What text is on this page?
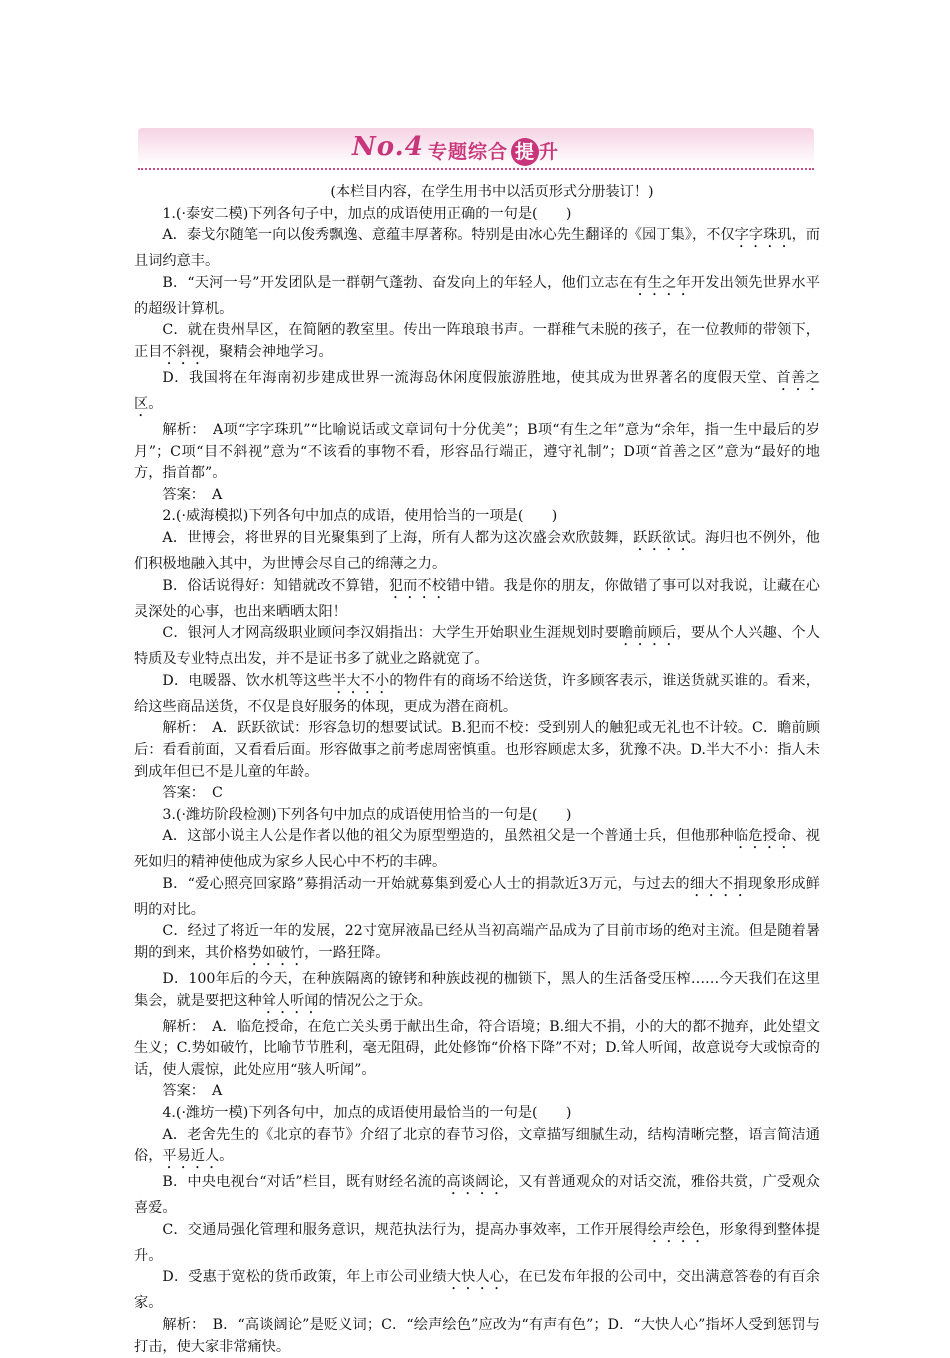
No.4 专题综合 提 升

(本栏目内容，在学生用书中以活页形式分册装订！)

1.(·泰安二模)下列各句子中，加点的成语使用正确的一句是(　　)

A．泰戈尔随笔一向以俊秀飘逸、意蕴丰厚著称。特别是由冰心先生翻译的《园丁集》，不仅字字珠玑，而且词约意丰。

B．“天河一号”开发团队是一群朝气蓬勃、奋发向上的年轻人，他们立志在有生之年开发出领先世界水平的超级计算机。

C．就在贵州旱区，在简陋的教室里。传出一阵琅琅书声。一群稚气未脱的孩子，在一位教师的带领下，正目不斜视，聚精会神地学习。

D．我国将在年海南初步建成世界一流海岛休闲度假旅游胜地，使其成为世界著名的度假天堂、首善之区。

解析：　A项“字字珠玑”“比喻说话或文章词句十分优美”；B项“有生之年”意为“余年，指一生中最后的岁月”；C项“目不斜视”意为“不该看的事物不看，形容品行端正，遵守礼制”；D项“首善之区”意为“最好的地方，指首都”。

答案：　A

2.(·威海模拟)下列各句中加点的成语，使用恰当的一项是(　　)

A．世博会，将世界的目光聚集到了上海，所有人都为这次盛会欢欣鼓舞，跃跃欲试。海归也不例外，他们积极地融入其中，为世博会尽自己的绵薄之力。

B．俗话说得好：知错就改不算错，犯而不校错中错。我是你的朋友，你做错了事可以对我说，让藏在心灵深处的心事，也出来晒晒太阳！

C．银河人才网高级职业顾问李汉娟指出：大学生开始职业生涯规划时要瞻前顾后，要从个人兴趣、个人特质及专业特点出发，并不是证书多了就业之路就宽了。

D．电暖器、饮水机等这些半大不小的物件有的商场不给送货，许多顾客表示，谁送货就买谁的。看来，给这些商品送货，不仅是良好服务的体现，更成为潜在商机。

解析：　A．跃跃欲试：形容急切的想要试试。B.犯而不校：受到别人的触犯或无礼也不计较。C．瞻前顾后：看看前面，又看看后面。形容做事之前考虑周密慎重。也形容顾虑太多，犹豫不决。D.半大不小：指人未到成年但已不是儿童的年龄。

答案：　C

3.(·潍坊阶段检测)下列各句中加点的成语使用恰当的一句是(　　)

A．这部小说主人公是作者以他的祖父为原型塑造的，虽然祖父是一个普通士兵，但他那种临危授命、视死如归的精神使他成为家乡人民心中不朽的丰碑。

B．“爱心照亮回家路”募捐活动一开始就募集到爱心人士的捐款近3万元，与过去的细大不捐现象形成鲜明的对比。

C．经过了将近一年的发展，22寸宽屏液晶已经从当初高端产品成为了目前市场的绝对主流。但是随着暑期的到来，其价格势如破竹，一路狂降。

D．100年后的今天，在种族隔离的镣铐和种族歧视的枷锁下，黑人的生活备受压榨……今天我们在这里集会，就是要把这种耸人听闻的情况公之于众。

解析：　A．临危授命，在危亡关头勇于献出生命，符合语境；B.细大不捐，小的大的都不抛弃，此处望文生义；C.势如破竹，比喻节节胜利，毫无阻碍，此处修饰“价格下降”不对；D.耸人听闻，故意说夸大或惊奇的话，使人震惊，此处应用“骇人听闻”。

答案：　A

4.(·潍坊一模)下列各句中，加点的成语使用最恰当的一句是(　　)

A．老舍先生的《北京的春节》介绍了北京的春节习俗，文章描写细腻生动，结构清晰完整，语言简洁通俗，平易近人。

B．中央电视台“对话”栏目，既有财经名流的高谈阔论，又有普通观众的对话交流，雅俗共赏，广受观众喜爱。

C．交通局强化管理和服务意识，规范执法行为，提高办事效率，工作开展得绘声绘色，形象得到整体提升。

D．受惠于宽松的货币政策，年上市公司业绩大快人心，在已发布年报的公司中，交出满意答卷的有百余家。

解析：　B．“高谈阔论”是贬义词；C．“绘声绘色”应改为“有声有色”；D．“大快人心”指坏人受到惩罚与打击，使大家非常痛快。
